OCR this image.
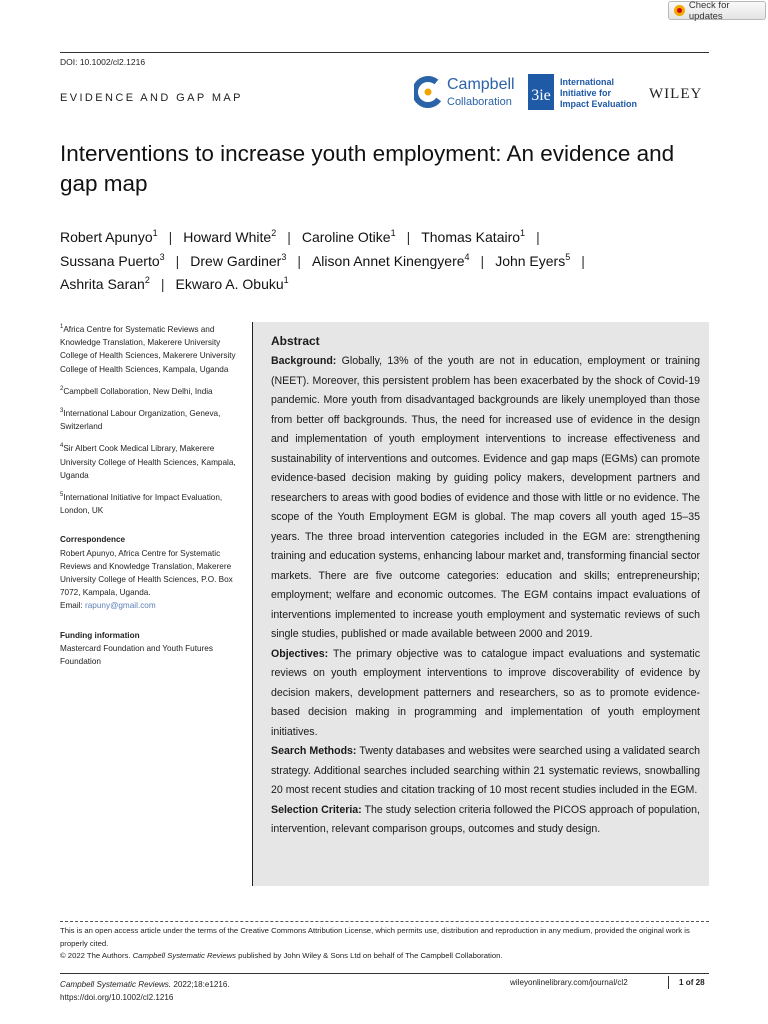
Check for updates
DOI: 10.1002/cl2.1216
EVIDENCE AND GAP MAP
Campbell
Collaboration 3ie
International
Initiative for
Impact Evaluation
WILEY
Interventions to increase youth employment: An evidence and gap map
Robert Apunyo$^1$ | Howard White$^2$ | Caroline Otike$^1$ | Thomas Katairo$^1$ |
Sussana Puerto$^3$ | Drew Gardiner$^3$ | Alison Annet Kinengyere$^4$ | John Eyers$^5$ |
Ashrita Saran$^2$ | Ekwaro A. Obuku$^1$

$^1$Africa Centre for Systematic Reviews and Knowledge Translation, Makerere University College of Health Sciences, Makerere University College of Health Sciences, Kampala, Uganda

$^2$Campbell Collaboration, New Delhi, India

$^3$International Labour Organization, Geneva, Switzerland

$^4$Sir Albert Cook Medical Library, Makerere University College of Health Sciences, Kampala, Uganda

$^5$International Initiative for Impact Evaluation, London, UK

Correspondence
Robert Apunyo, Africa Centre for Systematic Reviews and Knowledge Translation, Makerere University College of Health Sciences, P.O. Box 7072, Kampala, Uganda.
Email: rapuny@gmail.com

Funding information
Mastercard Foundation and Youth Futures Foundation

Abstract

Background: Globally, 13% of the youth are not in education, employment or training (NEET). Moreover, this persistent problem has been exacerbated by the shock of Covid-19 pandemic. More youth from disadvantaged backgrounds are likely unemployed than those from better off backgrounds. Thus, the need for increased use of evidence in the design and implementation of youth employment interventions to increase effectiveness and sustainability of interventions and outcomes. Evidence and gap maps (EGMs) can promote evidence-based decision making by guiding policy makers, development partners and researchers to areas with good bodies of evidence and those with little or no evidence. The scope of the Youth Employment EGM is global. The map covers all youth aged 15–35 years. The three broad intervention categories included in the EGM are: strengthening training and education systems, enhancing labour market and, transforming financial sector markets. There are five outcome categories: education and skills; entrepreneurship; employment; welfare and economic outcomes. The EGM contains impact evaluations of interventions implemented to increase youth employment and systematic reviews of such single studies, published or made available between 2000 and 2019.

Objectives: The primary objective was to catalogue impact evaluations and systematic reviews on youth employment interventions to improve discoverability of evidence by decision makers, development patterners and researchers, so as to promote evidence-based decision making in programming and implementation of youth employment initiatives.

Search Methods: Twenty databases and websites were searched using a validated search strategy. Additional searches included searching within 21 systematic reviews, snowballing 20 most recent studies and citation tracking of 10 most recent studies included in the EGM.

Selection Criteria: The study selection criteria followed the PICOS approach of population, intervention, relevant comparison groups, outcomes and study design.

This is an open access article under the terms of the Creative Commons Attribution License, which permits use, distribution and reproduction in any medium, provided the original work is properly cited.
© 2022 The Authors. Campbell Systematic Reviews published by John Wiley & Sons Ltd on behalf of The Campbell Collaboration.
Campbell Systematic Reviews. 2022;18:e1216.
https://doi.org/10.1002/cl2.1216
wileyonlinelibrary.com/journal/cl2	1 of 28
